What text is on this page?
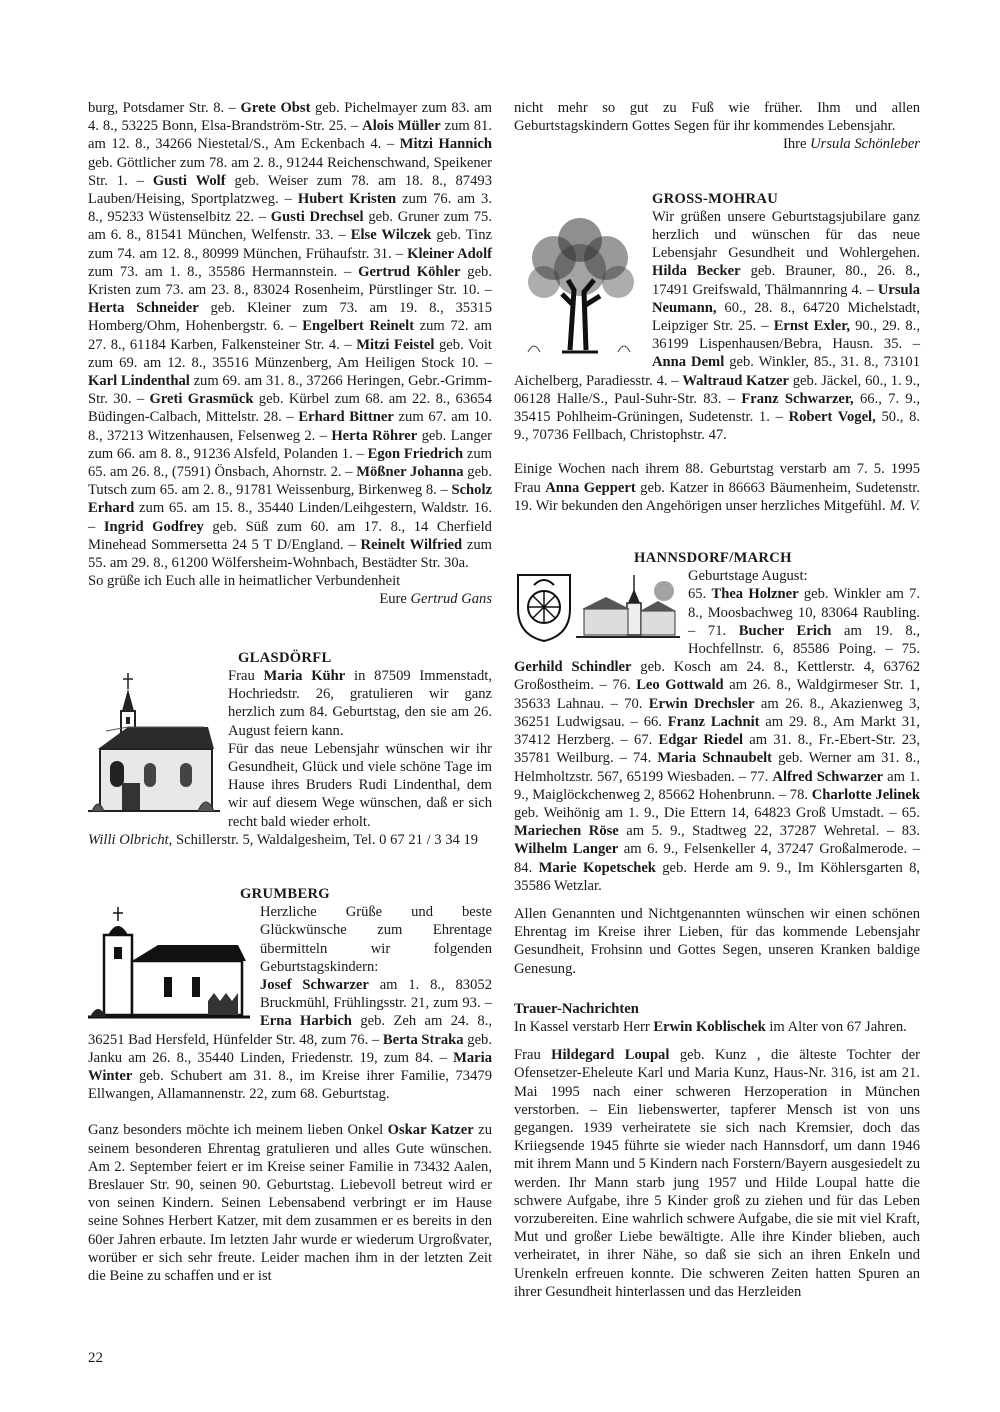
burg, Potsdamer Str. 8. – Grete Obst geb. Pichelmayer zum 83. am 4. 8., 53225 Bonn, Elsa-Brandström-Str. 25. – Alois Müller zum 81. am 12. 8., 34266 Niestetal/S., Am Eckenbach 4. – Mitzi Hannich geb. Göttlicher zum 78. am 2. 8., 91244 Reichenschwand, Speikener Str. 1. – Gusti Wolf geb. Weiser zum 78. am 18. 8., 87493 Lauben/Heising, Sportplatzweg. – Hubert Kristen zum 76. am 3. 8., 95233 Wüstenselbitz 22. – Gusti Drechsel geb. Gruner zum 75. am 6. 8., 81541 München, Welfenstr. 33. – Else Wilczek geb. Tinz zum 74. am 12. 8., 80999 München, Frühaufstr. 31. – Kleiner Adolf zum 73. am 1. 8., 35586 Hermannstein. – Gertrud Köhler geb. Kristen zum 73. am 23. 8., 83024 Rosenheim, Pürstlinger Str. 10. – Herta Schneider geb. Kleiner zum 73. am 19. 8., 35315 Homberg/Ohm, Hohenbergstr. 6. – Engelbert Reinelt zum 72. am 27. 8., 61184 Karben, Falkensteiner Str. 4. – Mitzi Feistel geb. Voit zum 69. am 12. 8., 35516 Münzenberg, Am Heiligen Stock 10. – Karl Lindenthal zum 69. am 31. 8., 37266 Heringen, Gebr.-Grimm-Str. 30. – Greti Grasmück geb. Kürbel zum 68. am 22. 8., 63654 Büdingen-Calbach, Mittelstr. 28. – Erhard Bittner zum 67. am 10. 8., 37213 Witzenhausen, Felsenweg 2. – Herta Röhrer geb. Langer zum 66. am 8. 8., 91236 Alsfeld, Polanden 1. – Egon Friedrich zum 65. am 26. 8., (7591) Önsbach, Ahornstr. 2. – Mößner Johanna geb. Tutsch zum 65. am 2. 8., 91781 Weissenburg, Birkenweg 8. – Scholz Erhard zum 65. am 15. 8., 35440 Linden/Leihgestern, Waldstr. 16. – Ingrid Godfrey geb. Süß zum 60. am 17. 8., 14 Cherfield Minehead Sommersetta 24 5 T D/England. – Reinelt Wilfried zum 55. am 29. 8., 61200 Wölfersheim-Wohnbach, Bestädter Str. 30a.

So grüße ich Euch alle in heimatlicher Verbundenheit

Eure Gertrud Gans

GLASDÖRFL

Frau Maria Kühr in 87509 Immenstadt, Hochriedstr. 26, gratulieren wir ganz herzlich zum 84. Geburtstag, den sie am 26. August feiern kann.

Für das neue Lebensjahr wünschen wir ihr Gesundheit, Glück und viele schöne Tage im Hause ihres Bruders Rudi Lindenthal, dem wir auf diesem Wege wünschen, daß er sich recht bald wieder erholt.

Willi Olbricht, Schillerstr. 5, Waldalgesheim, Tel. 0 67 21 / 3 34 19

GRUMBERG

Herzliche Grüße und beste Glückwünsche zum Ehrentage übermitteln wir folgenden Geburtstagskindern:

Josef Schwarzer am 1. 8., 83052 Bruckmühl, Frühlingsstr. 21, zum 93. – Erna Harbich geb. Zeh am 24. 8., 36251 Bad Hersfeld, Hünfelder Str. 48, zum 76. – Berta Straka geb. Janku am 26. 8., 35440 Linden, Friedenstr. 19, zum 84. – Maria Winter geb. Schubert am 31. 8., im Kreise ihrer Familie, 73479 Ellwangen, Allamannenstr. 22, zum 68. Geburtstag.

Ganz besonders möchte ich meinem lieben Onkel Oskar Katzer zu seinem besonderen Ehrentag gratulieren und alles Gute wünschen. Am 2. September feiert er im Kreise seiner Familie in 73432 Aalen, Breslauer Str. 90, seinen 90. Geburtstag. Liebevoll betreut wird er von seinen Kindern. Seinen Lebensabend verbringt er im Hause seine Sohnes Herbert Katzer, mit dem zusammen er es bereits in den 60er Jahren erbaute. Im letzten Jahr wurde er wiederum Urgroßvater, worüber er sich sehr freute. Leider machen ihm in der letzten Zeit die Beine zu schaffen und er ist

nicht mehr so gut zu Fuß wie früher. Ihm und allen Geburtstagskindern Gottes Segen für ihr kommendes Lebensjahr.

Ihre Ursula Schönleber

GROSS-MOHRAU

Wir grüßen unsere Geburtstagsjubilare ganz herzlich und wünschen für das neue Lebensjahr Gesundheit und Wohlergehen. Hilda Becker geb. Brauner, 80., 26. 8., 17491 Greifswald, Thälmannring 4. – Ursula Neumann, 60., 28. 8., 64720 Michelstadt, Leipziger Str. 25. – Ernst Exler, 90., 29. 8., 36199 Lispenhausen/Bebra, Hausn. 35. – Anna Deml geb. Winkler, 85., 31. 8., 73101 Aichelberg, Paradiesstr. 4. – Waltraud Katzer geb. Jäckel, 60., 1. 9., 06128 Halle/S., Paul-Suhr-Str. 83. – Franz Schwarzer, 66., 7. 9., 35415 Pohlheim-Grüningen, Sudetenstr. 1. – Robert Vogel, 50., 8. 9., 70736 Fellbach, Christophstr. 47.

Einige Wochen nach ihrem 88. Geburtstag verstarb am 7. 5. 1995 Frau Anna Geppert geb. Katzer in 86663 Bäumenheim, Sudetenstr. 19. Wir bekunden den Angehörigen unser herzliches Mitgefühl. M. V.

HANNSDORF/MARCH

Geburtstage August:

65. Thea Holzner geb. Winkler am 7. 8., Moosbachweg 10, 83064 Raubling. – 71. Bucher Erich am 19. 8., Hochfellnstr. 6, 85586 Poing. – 75. Gerhild Schindler geb. Kosch am 24. 8., Kettlerstr. 4, 63762 Großostheim. – 76. Leo Gottwald am 26. 8., Waldgirmeser Str. 1, 35633 Lahnau. – 70. Erwin Drechsler am 26. 8., Akazienweg 3, 36251 Ludwigsau. – 66. Franz Lachnit am 29. 8., Am Markt 31, 37412 Herzberg. – 67. Edgar Riedel am 31. 8., Fr.-Ebert-Str. 23, 35781 Weilburg. – 74. Maria Schnaubelt geb. Werner am 31. 8., Helmholtzstr. 567, 65199 Wiesbaden. – 77. Alfred Schwarzer am 1. 9., Maiglöckchenweg 2, 85662 Hohenbrunn. – 78. Charlotte Jelinek geb. Weihönig am 1. 9., Die Ettern 14, 64823 Groß Umstadt. – 65. Mariechen Röse am 5. 9., Stadtweg 22, 37287 Wehretal. – 83. Wilhelm Langer am 6. 9., Felsenkeller 4, 37247 Großalmerode. – 84. Marie Kopetschek geb. Herde am 9. 9., Im Köhlersgarten 8, 35586 Wetzlar.

Allen Genannten und Nichtgenannten wünschen wir einen schönen Ehrentag im Kreise ihrer Lieben, für das kommende Lebensjahr Gesundheit, Frohsinn und Gottes Segen, unseren Kranken baldige Genesung.

Trauer-Nachrichten

In Kassel verstarb Herr Erwin Koblischek im Alter von 67 Jahren.

Frau Hildegard Loupal geb. Kunz , die älteste Tochter der Ofensetzer-Eheleute Karl und Maria Kunz, Haus-Nr. 316, ist am 21. Mai 1995 nach einer schweren Herzoperation in München verstorben. – Ein liebenswerter, tapferer Mensch ist von uns gegangen. 1939 verheiratete sie sich nach Kremsier, doch das Kriiegsende 1945 führte sie wieder nach Hannsdorf, um dann 1946 mit ihrem Mann und 5 Kindern nach Forstern/Bayern ausgesiedelt zu werden. Ihr Mann starb jung 1957 und Hilde Loupal hatte die schwere Aufgabe, ihre 5 Kinder groß zu ziehen und für das Leben vorzubereiten. Eine wahrlich schwere Aufgabe, die sie mit viel Kraft, Mut und großer Liebe bewältigte. Alle ihre Kinder blieben, auch verheiratet, in ihrer Nähe, so daß sie sich an ihren Enkeln und Urenkeln erfreuen konnte. Die schweren Zeiten hatten Spuren an ihrer Gesundheit hinterlassen und das Herzleiden

22
